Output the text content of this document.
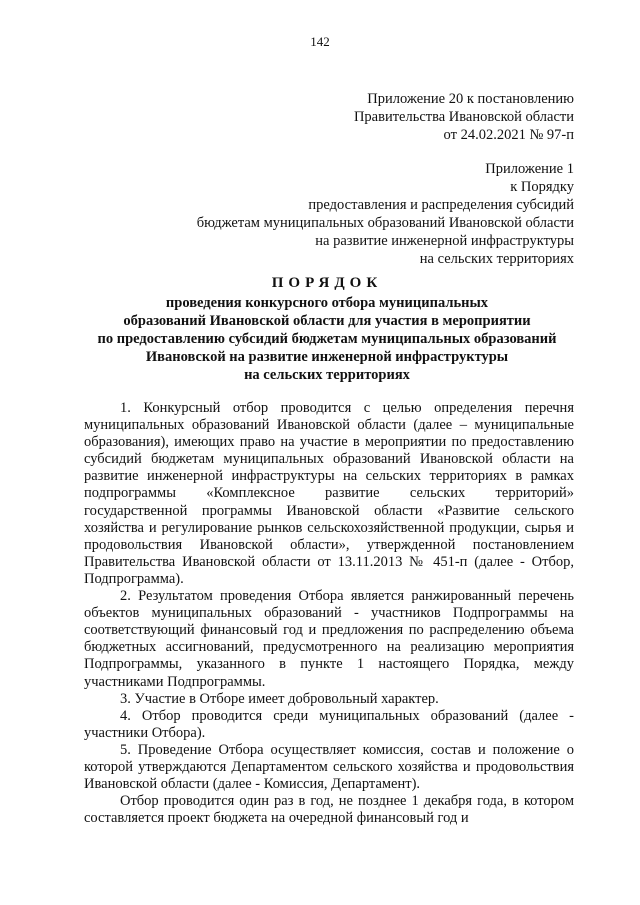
142
Приложение 20 к постановлению
Правительства Ивановской области
от 24.02.2021 № 97-п
Приложение 1
к Порядку
предоставления и распределения субсидий
бюджетам муниципальных образований Ивановской области
на развитие инженерной инфраструктуры
на сельских территориях
ПОРЯДОК
проведения конкурсного отбора муниципальных
образований Ивановской области для участия в мероприятии
по предоставлению субсидий бюджетам муниципальных образований
Ивановской на развитие инженерной инфраструктуры
на сельских территориях

1. Конкурсный отбор проводится с целью определения перечня муниципальных образований Ивановской области (далее – муниципальные образования), имеющих право на участие в мероприятии по предоставлению субсидий бюджетам муниципальных образований Ивановской области на развитие инженерной инфраструктуры на сельских территориях в рамках подпрограммы «Комплексное развитие сельских территорий» государственной программы Ивановской области «Развитие сельского хозяйства и регулирование рынков сельскохозяйственной продукции, сырья и продовольствия Ивановской области», утвержденной постановлением Правительства Ивановской области от 13.11.2013 № 451-п (далее - Отбор, Подпрограмма).

2. Результатом проведения Отбора является ранжированный перечень объектов муниципальных образований - участников Подпрограммы на соответствующий финансовый год и предложения по распределению объема бюджетных ассигнований, предусмотренного на реализацию мероприятия Подпрограммы, указанного в пункте 1 настоящего Порядка, между участниками Подпрограммы.

3. Участие в Отборе имеет добровольный характер.

4. Отбор проводится среди муниципальных образований (далее - участники Отбора).

5. Проведение Отбора осуществляет комиссия, состав и положение о которой утверждаются Департаментом сельского хозяйства и продовольствия Ивановской области (далее - Комиссия, Департамент).

Отбор проводится один раз в год, не позднее 1 декабря года, в котором составляется проект бюджета на очередной финансовый год и
